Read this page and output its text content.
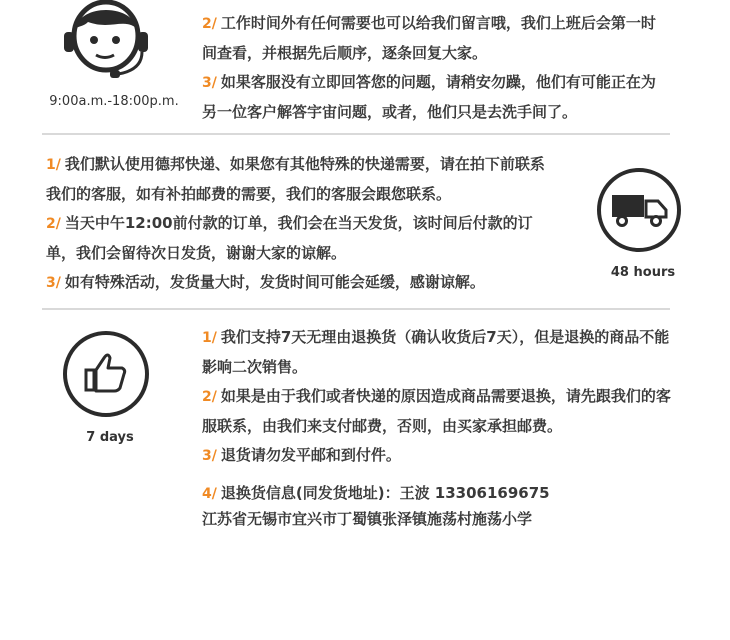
9:00a.m.-18:00p.m.

2/ 工作时间外有任何需要也可以给我们留言哦，我们上班后会第一时间查看，并根据先后顺序，逐条回复大家。

3/ 如果客服没有立即回答您的问题，请稍安勿躁，他们有可能正在为另一位客户解答宇宙问题，或者，他们只是去洗手间了。

1/ 我们默认使用德邦快递、如果您有其他特殊的快递需要，请在拍下前联系我们的客服，如有补拍邮费的需要，我们的客服会跟您联系。

2/ 当天中午12:00前付款的订单，我们会在当天发货，该时间后付款的订单，我们会留待次日发货，谢谢大家的谅解。

3/ 如有特殊活动，发货量大时，发货时间可能会延缓，感谢谅解。

48 hours
7 days

1/ 我们支持7天无理由退换货（确认收货后7天），但是退换的商品不能影响二次销售。

2/ 如果是由于我们或者快递的原因造成商品需要退换，请先跟我们的客服联系，由我们来支付邮费，否则，由买家承担邮费。

3/ 退货请勿发平邮和到付件。

4/ 退换货信息(同发货地址)：王波 13306169675

江苏省无锡市宜兴市丁蜀镇张泽镇施荡村施荡小学
